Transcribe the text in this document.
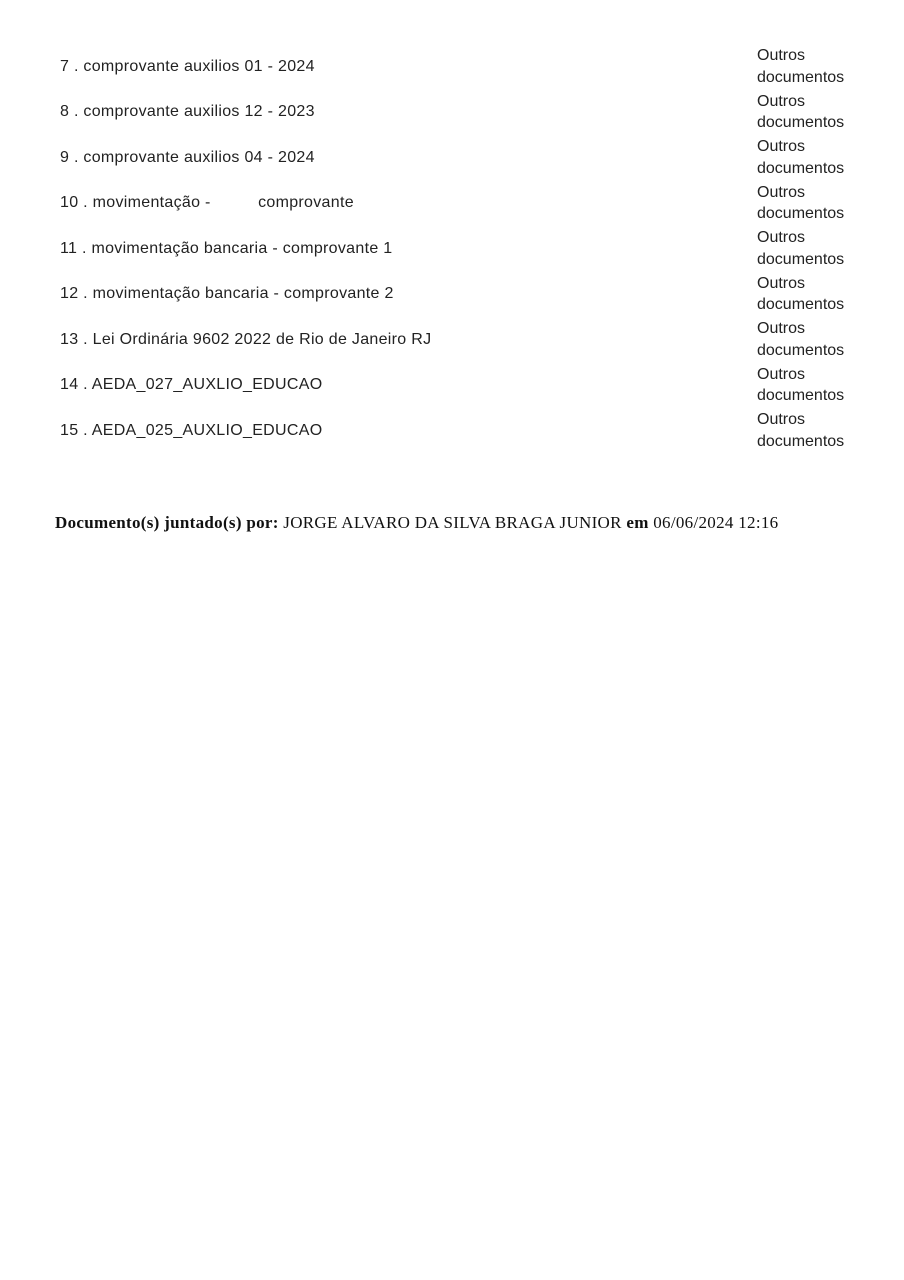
7 . comprovante auxilios 01 - 2024
Outros documentos
8 . comprovante auxilios 12 - 2023
Outros documentos
9 . comprovante auxilios 04 - 2024
Outros documentos
10 . movimentação -          comprovante
Outros documentos
11 . movimentação bancaria - comprovante 1
Outros documentos
12 . movimentação bancaria - comprovante 2
Outros documentos
13 . Lei Ordinária 9602 2022 de Rio de Janeiro RJ
Outros documentos
14 . AEDA_027_AUXLIO_EDUCAO
Outros documentos
15 . AEDA_025_AUXLIO_EDUCAO
Outros documentos

Documento(s) juntado(s) por: JORGE ALVARO DA SILVA BRAGA JUNIOR em 06/06/2024 12:16
